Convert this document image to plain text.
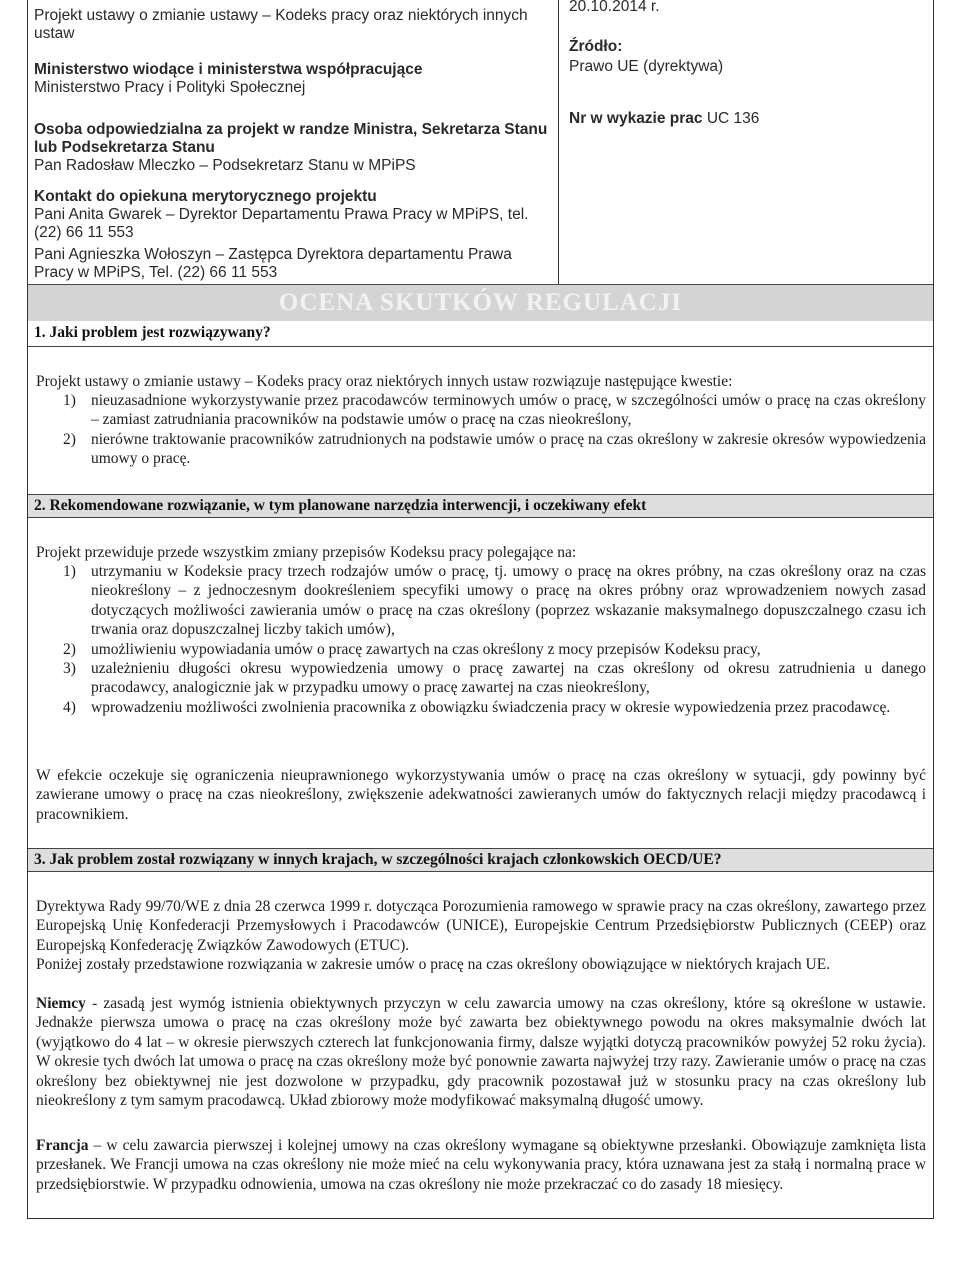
Projekt ustawy o zmianie ustawy – Kodeks pracy oraz niektórych innych ustaw
Ministerstwo wiodące i ministerstwa współpracujące
Ministerstwo Pracy i Polityki Społecznej
Osoba odpowiedzialna za projekt w randze Ministra, Sekretarza Stanu lub Podsekretarza Stanu
Pan Radosław Mleczko – Podsekretarz Stanu w MPiPS
Kontakt do opiekuna merytorycznego projektu
Pani Anita Gwarek – Dyrektor Departamentu Prawa Pracy w MPiPS, tel. (22) 66 11 553
Pani Agnieszka Wołoszyn – Zastępca Dyrektora departamentu Prawa Pracy w MPiPS, Tel. (22) 66 11 553
20.10.2014 r.
Źródło:
Prawo UE (dyrektywa)
Nr w wykazie prac UC 136
OCENA SKUTKÓW REGULACJI
1. Jaki problem jest rozwiązywany?
Projekt ustawy o zmianie ustawy – Kodeks pracy oraz niektórych innych ustaw rozwiązuje następujące kwestie:
1) nieuzasadnione wykorzystywanie przez pracodawców terminowych umów o pracę, w szczególności umów o pracę na czas określony – zamiast zatrudniania pracowników na podstawie umów o pracę na czas nieokreślony,
2) nierówne traktowanie pracowników zatrudnionych na podstawie umów o pracę na czas określony w zakresie okresów wypowiedzenia umowy o pracę.
2. Rekomendowane rozwiązanie, w tym planowane narzędzia interwencji, i oczekiwany efekt
Projekt przewiduje przede wszystkim zmiany przepisów Kodeksu pracy polegające na:
1) utrzymaniu w Kodeksie pracy trzech rodzajów umów o pracę, tj. umowy o pracę na okres próbny, na czas określony oraz na czas nieokreślony – z jednoczesnym dookreśleniem specyfiki umowy o pracę na okres próbny oraz wprowadzeniem nowych zasad dotyczących możliwości zawierania umów o pracę na czas określony (poprzez wskazanie maksymalnego dopuszczalnego czasu ich trwania oraz dopuszczalnej liczby takich umów),
2) umożliwieniu wypowiadania umów o pracę zawartych na czas określony z mocy przepisów Kodeksu pracy,
3) uzależnieniu długości okresu wypowiedzenia umowy o pracę zawartej na czas określony od okresu zatrudnienia u danego pracodawcy, analogicznie jak w przypadku umowy o pracę zawartej na czas nieokreślony,
4) wprowadzeniu możliwości zwolnienia pracownika z obowiązku świadczenia pracy w okresie wypowiedzenia przez pracodawcę.
W efekcie oczekuje się ograniczenia nieuprawnionego wykorzystywania umów o pracę na czas określony w sytuacji, gdy powinny być zawierane umowy o pracę na czas nieokreślony, zwiększenie adekwatności zawieranych umów do faktycznych relacji między pracodawcą i pracownikiem.
3. Jak problem został rozwiązany w innych krajach, w szczególności krajach członkowskich OECD/UE?
Dyrektywa Rady 99/70/WE z dnia 28 czerwca 1999 r. dotycząca Porozumienia ramowego w sprawie pracy na czas określony, zawartego przez Europejską Unię Konfederacji Przemysłowych i Pracodawców (UNICE), Europejskie Centrum Przedsiębiorstw Publicznych (CEEP) oraz Europejską Konfederację Związków Zawodowych (ETUC).
Poniżej zostały przedstawione rozwiązania w zakresie umów o pracę na czas określony obowiązujące w niektórych krajach UE.
Niemcy - zasadą jest wymóg istnienia obiektywnych przyczyn w celu zawarcia umowy na czas określony, które są określone w ustawie. Jednakże pierwsza umowa o pracę na czas określony może być zawarta bez obiektywnego powodu na okres maksymalnie dwóch lat (wyjątkowo do 4 lat – w okresie pierwszych czterech lat funkcjonowania firmy, dalsze wyjątki dotyczą pracowników powyżej 52 roku życia). W okresie tych dwóch lat umowa o pracę na czas określony może być ponownie zawarta najwyżej trzy razy. Zawieranie umów o pracę na czas określony bez obiektywnej nie jest dozwolone w przypadku, gdy pracownik pozostawał już w stosunku pracy na czas określony lub nieokreślony z tym samym pracodawcą. Układ zbiorowy może modyfikować maksymalną długość umowy.
Francja – w celu zawarcia pierwszej i kolejnej umowy na czas określony wymagane są obiektywne przesłanki. Obowiązuje zamknięta lista przesłanek. We Francji umowa na czas określony nie może mieć na celu wykonywania pracy, która uznawana jest za stałą i normalną prace w przedsiębiorstwie. W przypadku odnowienia, umowa na czas określony nie może przekraczać co do zasady 18 miesięcy.
